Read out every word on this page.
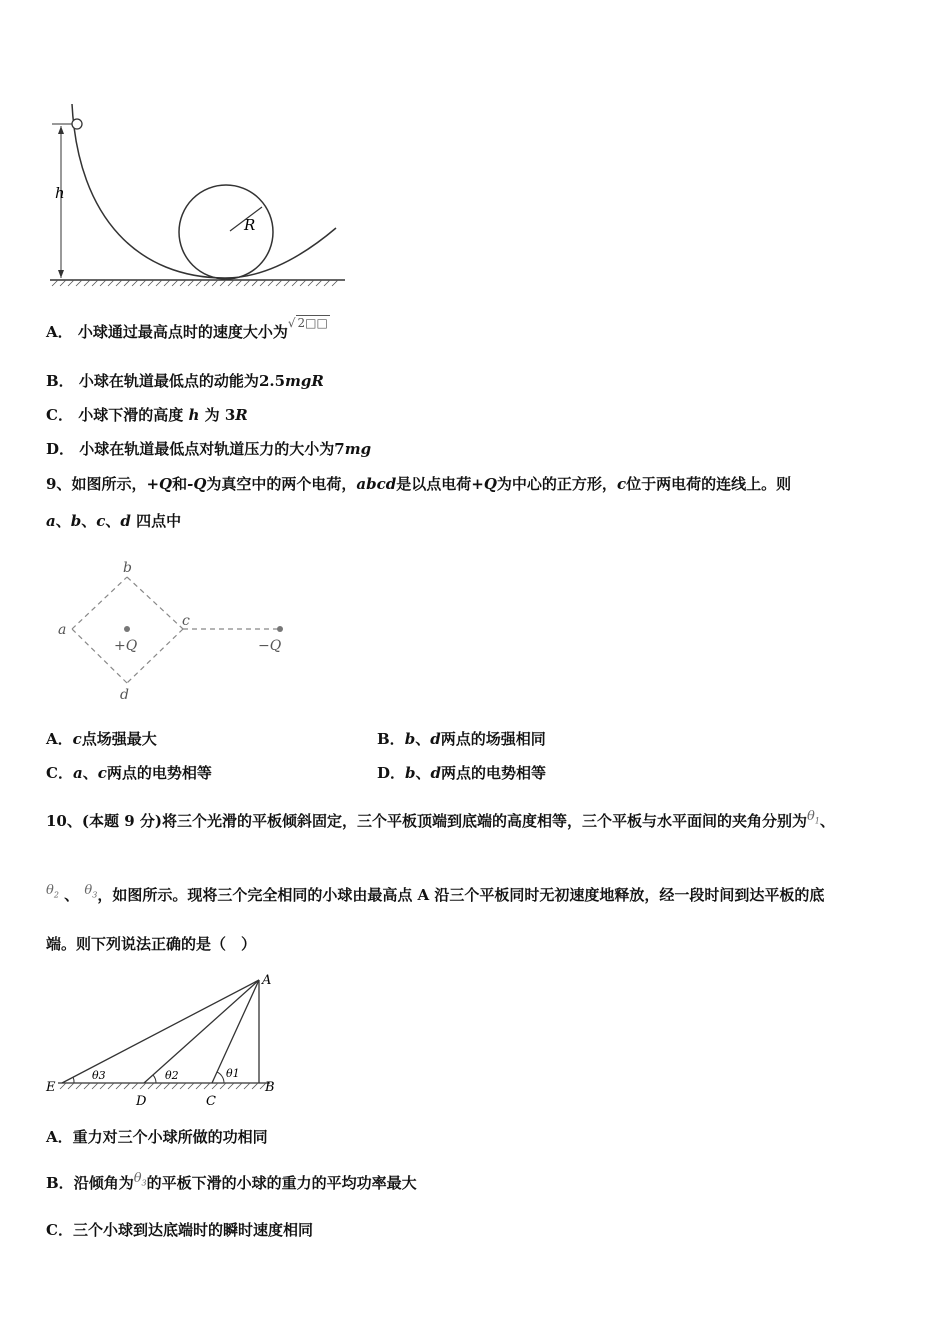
R
h
A． 小球通过最高点时的速度大小为√ 2□□
B． 小球在轨道最低点的动能为2.5mgR
C． 小球下滑的高度 h 为 3R
D． 小球在轨道最低点对轨道压力的大小为7mg
9、如图所示，+Q和-Q为真空中的两个电荷，abcd是以点电荷+Q为中心的正方形，c位于两电荷的连线上。则
a、b、c、d 四点中
b
a
c
d
+Q	−Q
A．c点场强最大	B．b、d两点的场强相同
C．a、c两点的电势相等	D．b、d两点的电势相等
10、(本题 9 分)将三个光滑的平板倾斜固定，三个平板顶端到底端的高度相等，三个平板与水平面间的夹角分别为$\theta_1$、
$\theta_2$ 、 $\theta_3$，如图所示。现将三个完全相同的小球由最高点 A 沿三个平板同时无初速度地释放，经一段时间到达平板的底
端。则下列说法正确的是（　）
θ3	θ2	θ1
A
B
C
D
E
A．重力对三个小球所做的功相同
B．沿倾角为$\theta_3$的平板下滑的小球的重力的平均功率最大
C．三个小球到达底端时的瞬时速度相同
